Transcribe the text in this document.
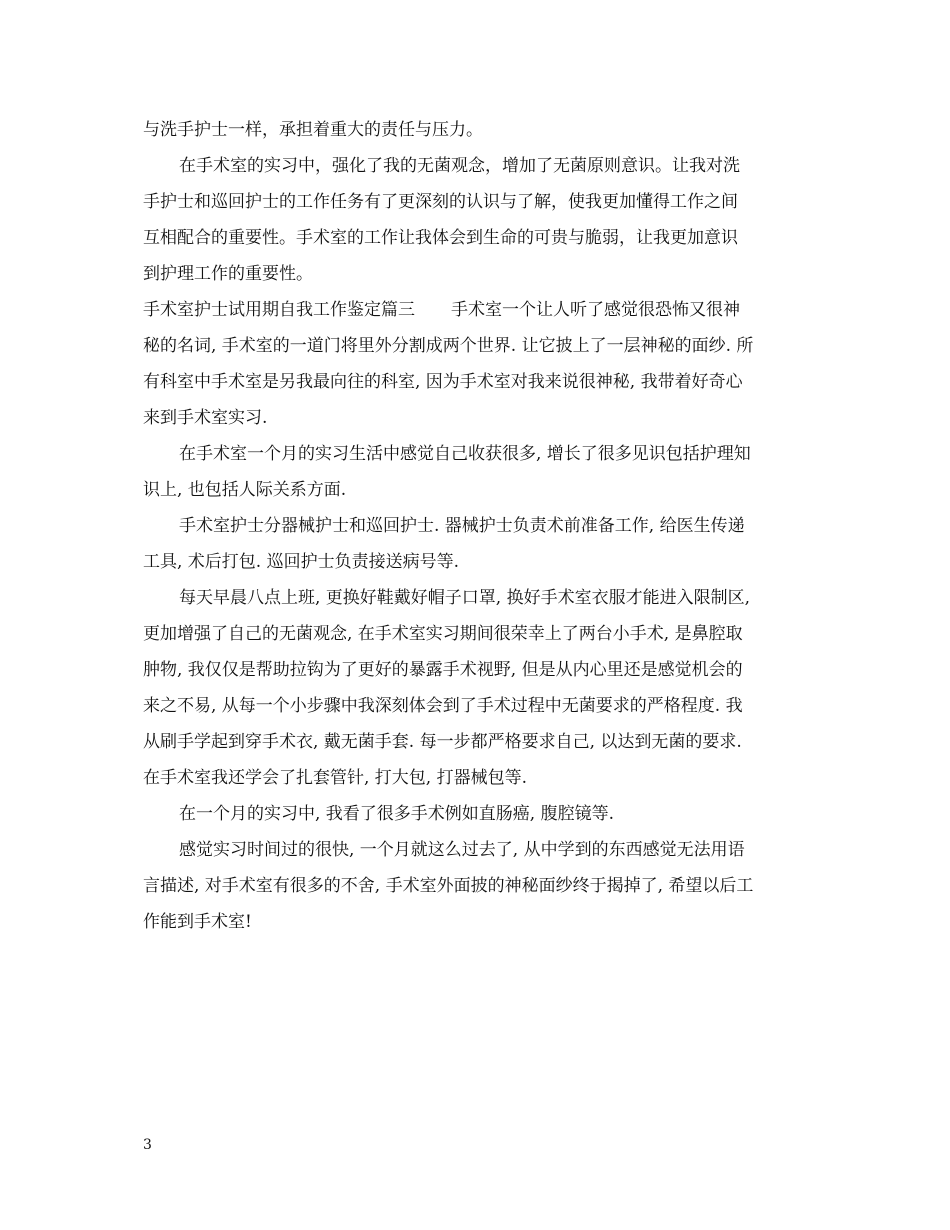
与洗手护士一样，承担着重大的责任与压力。

在手术室的实习中，强化了我的无菌观念，增加了无菌原则意识。让我对洗

手护士和巡回护士的工作任务有了更深刻的认识与了解，使我更加懂得工作之间

互相配合的重要性。手术室的工作让我体会到生命的可贵与脆弱，让我更加意识

到护理工作的重要性。

手术室护士试用期自我工作鉴定篇三 手术室一个让人听了感觉很恐怖又很神

秘的名词, 手术室的一道门将里外分割成两个世界. 让它披上了一层神秘的面纱. 所

有科室中手术室是另我最向往的科室, 因为手术室对我来说很神秘, 我带着好奇心

来到手术室实习.

在手术室一个月的实习生活中感觉自己收获很多, 增长了很多见识包括护理知

识上, 也包括人际关系方面.

手术室护士分器械护士和巡回护士. 器械护士负责术前准备工作, 给医生传递

工具, 术后打包. 巡回护士负责接送病号等.

每天早晨八点上班, 更换好鞋戴好帽子口罩, 换好手术室衣服才能进入限制区,

更加增强了自己的无菌观念, 在手术室实习期间很荣幸上了两台小手术, 是鼻腔取

肿物, 我仅仅是帮助拉钩为了更好的暴露手术视野, 但是从内心里还是感觉机会的

来之不易, 从每一个小步骤中我深刻体会到了手术过程中无菌要求的严格程度. 我

从刷手学起到穿手术衣, 戴无菌手套. 每一步都严格要求自己, 以达到无菌的要求.

在手术室我还学会了扎套管针, 打大包, 打器械包等.

在一个月的实习中, 我看了很多手术例如直肠癌, 腹腔镜等.

感觉实习时间过的很快, 一个月就这么过去了, 从中学到的东西感觉无法用语

言描述, 对手术室有很多的不舍, 手术室外面披的神秘面纱终于揭掉了, 希望以后工

作能到手术室!

3
